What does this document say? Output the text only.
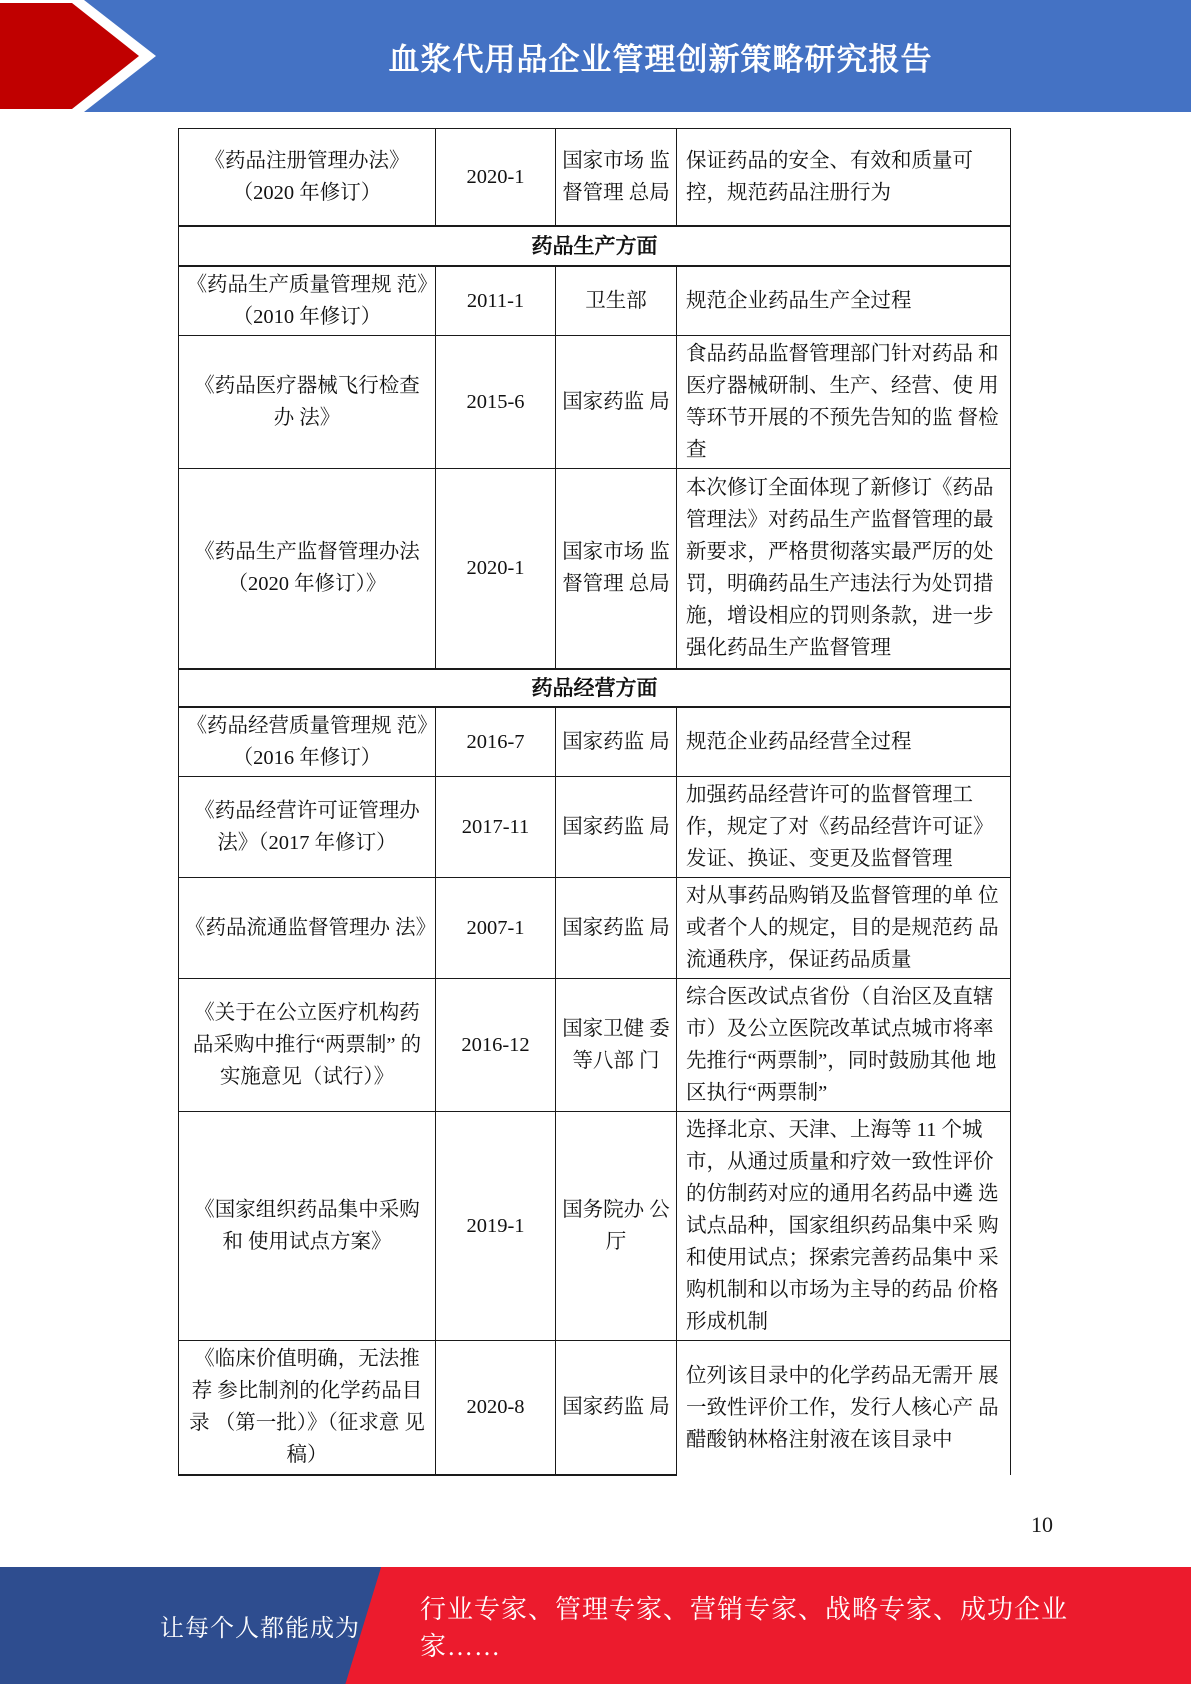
血浆代用品企业管理创新策略研究报告
《药品注册管理办法》 （2020 年修订）	2020-1	国家市场 监督管理 总局	保证药品的安全、有效和质量可 控，规范药品注册行为
药品生产方面			
《药品生产质量管理规 范》（2010 年修订）	2011-1	卫生部	规范企业药品生产全过程
《药品医疗器械飞行检查 办 法》	2015-6	国家药监 局	食品药品监督管理部门针对药品 和医疗器械研制、生产、经营、使 用等环节开展的不预先告知的监 督检查
《药品生产监督管理办法 （2020 年修订）》	2020-1	国家市场 监督管理 总局	本次修订全面体现了新修订《药品 管理法》对药品生产监督管理的最 新要求，严格贯彻落实最严厉的处 罚，明确药品生产违法行为处罚措 施，增设相应的罚则条款，进一步 强化药品生产监督管理
药品经营方面			
《药品经营质量管理规 范》（2016 年修订）	2016-7	国家药监 局	规范企业药品经营全过程
《药品经营许可证管理办 法》（2017 年修订）	2017-11	国家药监 局	加强药品经营许可的监督管理工 作，规定了对《药品经营许可证》 发证、换证、变更及监督管理
《药品流通监督管理办 法》	2007-1	国家药监 局	对从事药品购销及监督管理的单 位或者个人的规定，目的是规范药 品流通秩序，保证药品质量
《关于在公立医疗机构药 品采购中推行“两票制” 的实施意见（试行）》	2016-12	国家卫健 委等八部 门	综合医改试点省份（自治区及直辖 市）及公立医院改革试点城市将率 先推行“两票制”，同时鼓励其他 地区执行“两票制”
《国家组织药品集中采购 和 使用试点方案》	2019-1	国务院办 公厅	选择北京、天津、上海等 11 个城 市，从通过质量和疗效一致性评价 的仿制药对应的通用名药品中遴 选试点品种，国家组织药品集中采 购和使用试点；探索完善药品集中 采购机制和以市场为主导的药品 价格形成机制
《临床价值明确，无法推 荐 参比制剂的化学药品目 录 （第一批）》（征求意 见 稿）	2020-8	国家药监 局	位列该目录中的化学药品无需开 展一致性评价工作，发行人核心产 品醋酸钠林格注射液在该目录中
10
让每个人都能成为
行业专家、管理专家、营销专家、战略专家、成功企业家……
